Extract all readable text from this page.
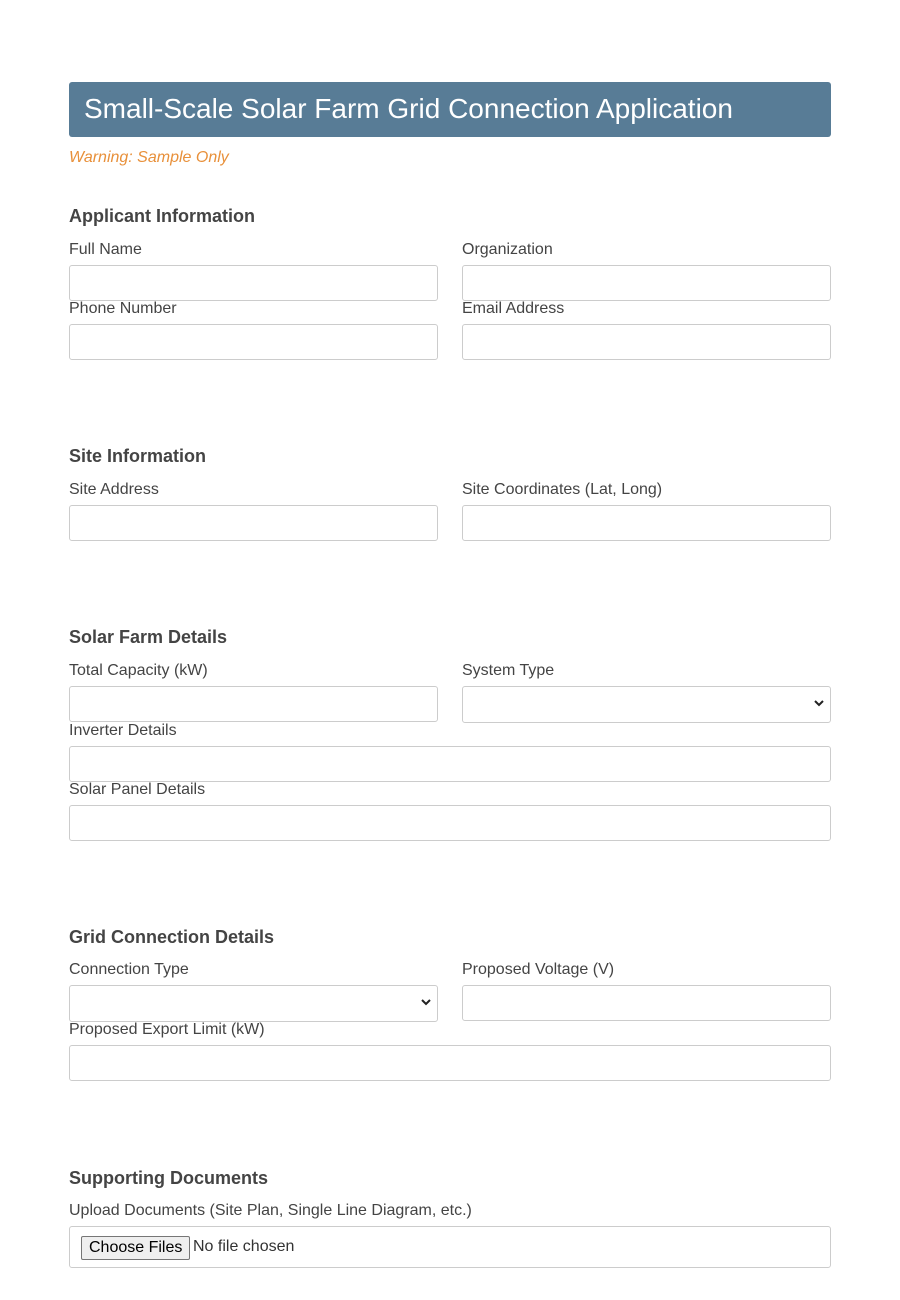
Small-Scale Solar Farm Grid Connection Application
Warning: Sample Only
Applicant Information
Full Name	Organization
Phone Number	Email Address
Site Information
Site Address	Site Coordinates (Lat, Long)
Solar Farm Details
Total Capacity (kW)	System Type
Inverter Details
Solar Panel Details
Grid Connection Details
Connection Type	Proposed Voltage (V)
Proposed Export Limit (kW)
Supporting Documents
Upload Documents (Site Plan, Single Line Diagram, etc.)
Choose Files No file chosen
